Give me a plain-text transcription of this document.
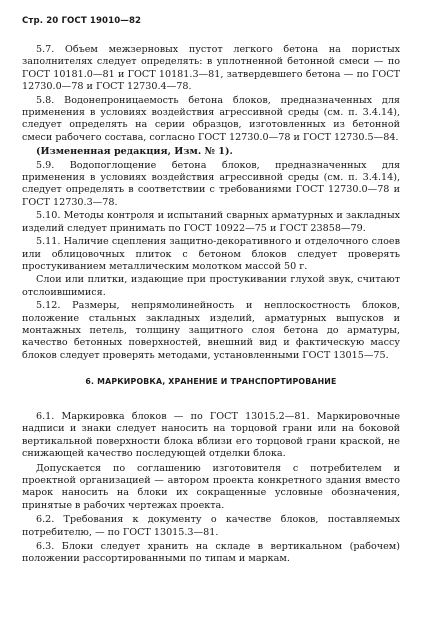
Стр. 20 ГОСТ 19010—82

5.7. Объем межзерновых пустот легкого бетона на пористых заполнителях следует определять: в уплотненной бетонной смеси — по ГОСТ 10181.0—81 и ГОСТ 10181.3—81, затвердевшего бетона — по ГОСТ 12730.0—78 и ГОСТ 12730.4—78.

5.8. Водонепроницаемость бетона блоков, предназначенных для применения в условиях воздействия агрессивной среды (см. п. 3.4.14), следует определять на серии образцов, изготовленных из бетонной смеси рабочего состава, согласно ГОСТ 12730.0—78 и ГОСТ 12730.5—84.

(Измененная редакция, Изм. № 1).

5.9. Водопоглощение бетона блоков, предназначенных для применения в условиях воздействия агрессивной среды (см. п. 3.4.14), следует определять в соответствии с требованиями ГОСТ 12730.0—78 и ГОСТ 12730.3—78.

5.10. Методы контроля и испытаний сварных арматурных и закладных изделий следует принимать по ГОСТ 10922—75 и ГОСТ 23858—79.

5.11. Наличие сцепления защитно-декоративного и отделочного слоев или облицовочных плиток с бетоном блоков следует проверять простукиванием металлическим молотком массой 50 г.

Слои или плитки, издающие при простукивании глухой звук, считают отслоившимися.

5.12. Размеры, непрямолинейность и неплоскостность блоков, положение стальных закладных изделий, арматурных выпусков и монтажных петель, толщину защитного слоя бетона до арматуры, качество бетонных поверхностей, внешний вид и фактическую массу блоков следует проверять методами, установленными ГОСТ 13015—75.

6. МАРКИРОВКА, ХРАНЕНИЕ И ТРАНСПОРТИРОВАНИЕ

6.1. Маркировка блоков — по ГОСТ 13015.2—81. Маркировочные надписи и знаки следует наносить на торцовой грани или на боковой вертикальной поверхности блока вблизи его торцовой грани краской, не снижающей качество последующей отделки блока.

Допускается по соглашению изготовителя с потребителем и проектной организацией — автором проекта конкретного здания вместо марок наносить на блоки их сокращенные условные обозначения, принятые в рабочих чертежах проекта.

6.2. Требования к документу о качестве блоков, поставляемых потребителю, — по ГОСТ 13015.3—81.

6.3. Блоки следует хранить на складе в вертикальном (рабочем) положении рассортированными по типам и маркам.
